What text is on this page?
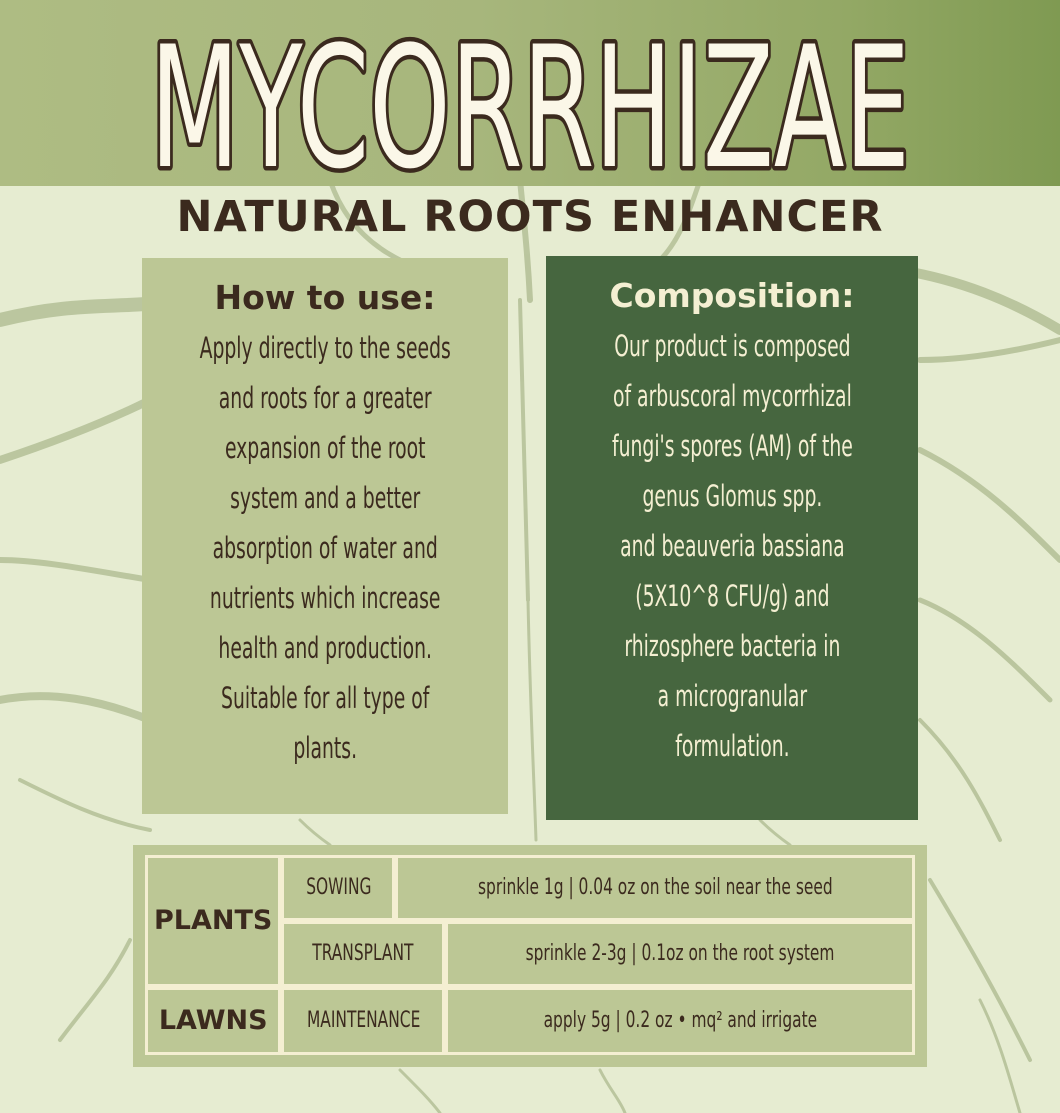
MYCORRHIZAE
NATURAL ROOTS ENHANCER
How to use:
Apply directly to the seeds
and roots for a greater
expansion of the root
system and a better
absorption of water and
nutrients which increase
health and production.
Suitable for all type of
plants.
Composition:
Our product is composed
of arbuscoral mycorrhizal
fungi's spores (AM) of the
genus Glomus spp.
and beauveria bassiana
(5X10^8 CFU/g) and
rhizosphere bacteria in
a microgranular
formulation.
PLANTS	SOWING	sprinkle 1g | 0.04 oz on the soil near the seed	
	TRANSPLANT		sprinkle 2-3g | 0.1oz on the root system
LAWNS	MAINTENANCE		apply 5g | 0.2 oz • mq² and irrigate
